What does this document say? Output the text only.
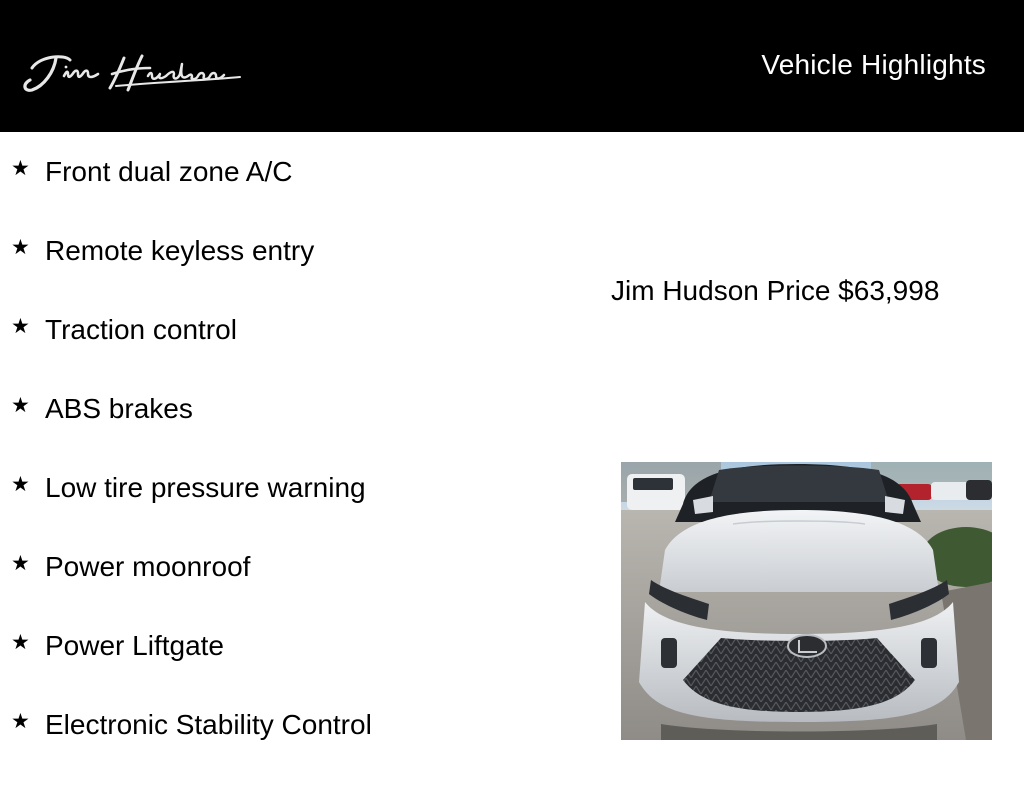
Vehicle Highlights
★ Front dual zone A/C
★ Remote keyless entry
★ Traction control
★ ABS brakes
★ Low tire pressure warning
★ Power moonroof
★ Power Liftgate
★ Electronic Stability Control
Jim Hudson Price $63,998
